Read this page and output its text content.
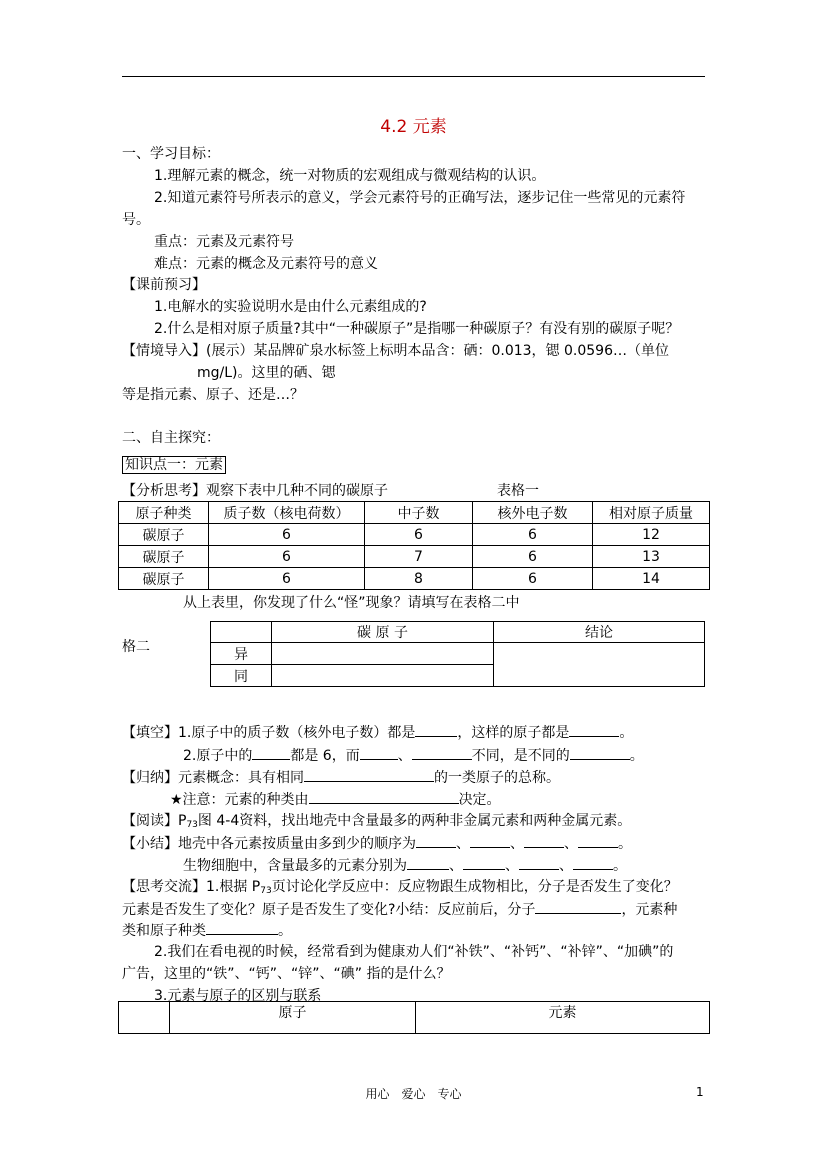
4.2 元素
一、学习目标：
1.理解元素的概念，统一对物质的宏观组成与微观结构的认识。
2.知道元素符号所表示的意义，学会元素符号的正确写法，逐步记住一些常见的元素符
号。
重点：元素及元素符号
难点：元素的概念及元素符号的意义
【课前预习】
1.电解水的实验说明水是由什么元素组成的?
2.什么是相对原子质量?其中“一种碳原子”是指哪一种碳原子？有没有别的碳原子呢？
【情境导入】(展示）某品牌矿泉水标签上标明本品含：硒：0.013，锶 0.0596…（单位
mg/L)。这里的硒、锶
等是指元素、原子、还是…？
二、自主探究：
知识点一：元素
【分析思考】观察下表中几种不同的碳原子	表格一
原子种类	质子数（核电荷数）	中子数	核外电子数	相对原子质量
碳原子	6	6	6	12
碳原子	6	7	6	13
碳原子	6	8	6	14
从上表里，你发现了什么“怪”现象？请填写在表格二中
格二
	碳 原 子	结论
异		
同		
【填空】1.原子中的质子数（核外电子数）都是	，这样的原子都是	。
2.原子中的	都是 6，而	、	不同，是不同的	。
【归纳】元素概念：具有相同	的一类原子的总称。
★注意：元素的种类由	决定。
【阅读】$P_{73}$图 4-4资料，找出地壳中含量最多的两种非金属元素和两种金属元素。
【小结】地壳中各元素按质量由多到少的顺序为	、	、	、	。
生物细胞中，含量最多的元素分别为	、	、	、	。
【思考交流】1.根据 $P_{73}$页讨论化学反应中：反应物跟生成物相比，分子是否发生了变化？
元素是否发生了变化？原子是否发生了变化?小结：反应前后，分子	，元素种
类和原子种类	。
2.我们在看电视的时候，经常看到为健康劝人们“补铁”、“补钙”、“补锌”、“加碘”的
广告，这里的“铁”、“钙”、“锌”、“碘” 指的是什么？
3.元素与原子的区别与联系
	原子	元素
用心　爱心　专心	1
